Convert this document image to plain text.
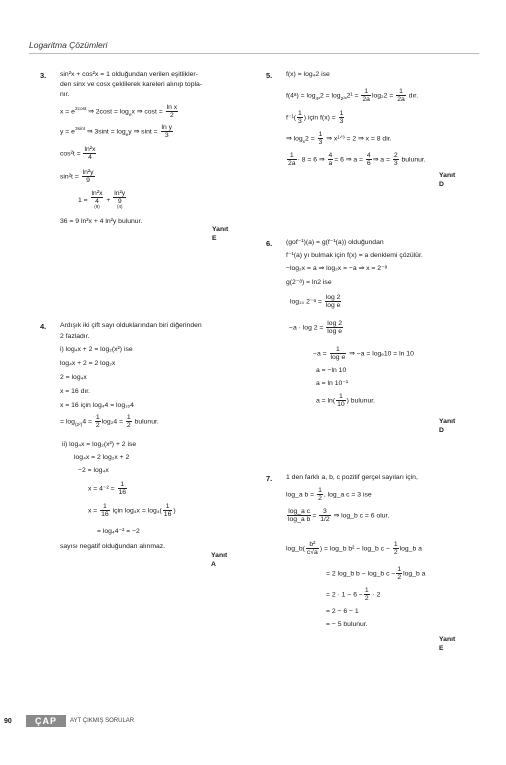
Logaritma Çözümleri
3. sin²x + cos²x = 1 olduğundan verilen eşitlikler-
den sinx ve cosx çeklilerek kareleri alınıp topla-
nır.
$x = e^{2cost}$ ⇒ $2\cos t = \log_ex$ ⇒ $\cos t = \frac{\text{ln x}}{2}$
$y = e^{3sint}$ ⇒ $3\sin t = \log_ey$ ⇒ $\sin t = \frac{\text{ln y}}{3}$
$\cos^2t = \frac{\text{ln²x}}{4}$
$\sin^2t = \frac{\text{ln²y}}{9}$
1 =
ln²x
4
(9)
+
ln²y
9
(4)
36 = 9 ln²x + 4 ln²y bulunur.
Yanıt E
4. Ardışık iki çift sayı olduklarından biri diğerinden
2 fazladır.
i) log₄x + 2 = log₂(x²) ise
log₄x + 2 = 2 log₂x
2 = log₄x
x = 16 dır.
x = 16 için log₄4 = log₁₆4
= $\log_{(2^2)}4 = \frac{1}{2} \log_24 = \frac{1}{2}$ bulunur.
ii) log₄x = log₂(x²) + 2 ise
log₄x = 2 log₂x + 2
−2 = log₄x
$x = 4^{-2} = \frac{1}{16}$
$x = \frac{1}{16}$ için $\log_4x = \log_4( \frac{1}{16}$ )
= log₄4⁻² = −2
sayısı negatif olduğundan alınmaz.
Yanıt A
5. f(x) = log₄2 ise
f(4ᵃ) = $\log_{4ᵃ}2 = \log_{2^2ᵃ}2^1 = \frac{1}{2a} \log_22 = \frac{1}{2a}$ dır.
$f^{-1}( \frac{1}{3}$ ) için $f(x) = \frac{1}{3}$
⇒ $\log_x2 = \frac{1}{3}$ ⇒ x¹ᐟ³ = 2 ⇒ x = 8 dir.
$\frac{1}{2a} \cdot 8 = 6$ ⇒ $\frac{4}{a} = 6$ ⇒ $a = \frac{4}{6}$ ⇒ $a = \frac{2}{3}$ bulunur.
Yanıt D
6. (gof⁻¹)(a) = g(f⁻¹(a)) olduğundan
f⁻¹(a) yı bulmak için f(x) = a denklemi çözülür.
−log₂x = a ⇒ log₂x = −a ⇒ x = 2⁻ᵃ
g(2⁻ᵃ) = ln2 ise
log₁₀ 2⁻ᵃ = $\frac{\log 2}{\text{log e}}$
$-a \cdot \log 2 = \frac{\log 2}{\text{log e}}$
$-a = \frac{1}{\text{log e}}$ ⇒ −a = logₑ10 = ln 10
a = −ln 10
a = ln 10⁻¹
$a = \ln( \frac{1}{10}$ ) bulunur.
Yanıt D
7. 1 den farklı a, b, c pozitif gerçel sayıları için,
log_a $b = \frac{1}{2}$ , log_a c = 3 ise
$\frac{\text{log\_a c}}{\text{log\_a b}} = \frac{3}{1/2}$ ⇒ log_b c = 6 olur.
log_b( $\frac{\text{b²}}{c√a}$ ) = log_b b² − log_b $c - \frac{1}{2}$ log_b a
= 2 log_b b − log_b $c - \frac{1}{2}$ log_b a
= $2 \cdot 1 - 6 - \frac{1}{2} \cdot 2$
= 2 − 6 − 1
= − 5 bulunur.
Yanıt E
90	ÇAP	AYT ÇIKMIŞ SORULAR
